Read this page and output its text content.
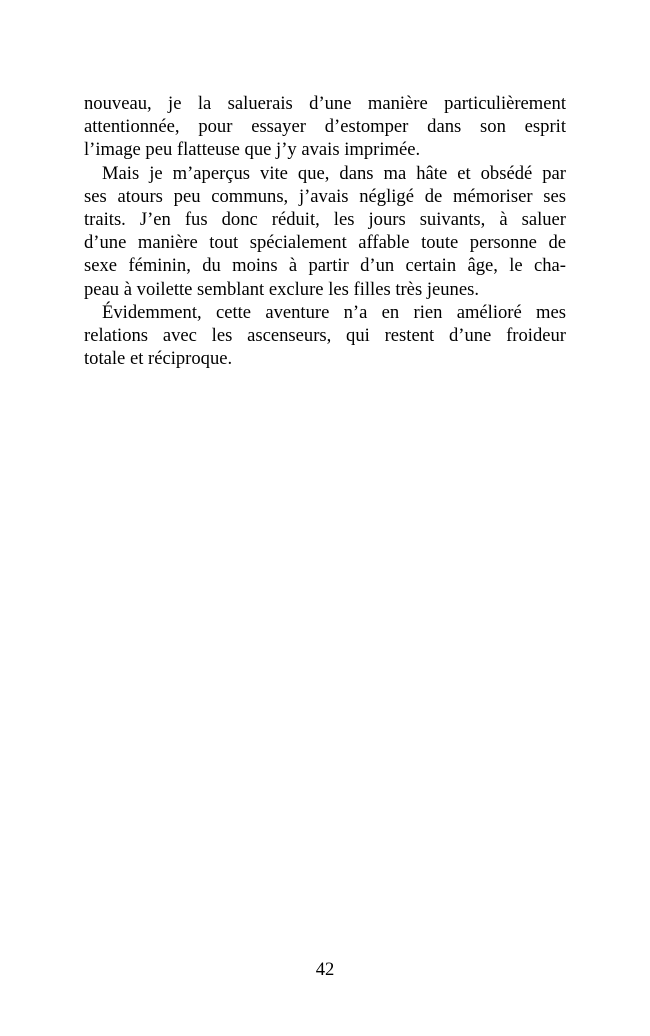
nouveau, je la saluerais d’une manière particulièrement
attentionnée, pour essayer d’estomper dans son esprit
l’image peu flatteuse que j’y avais imprimée.
Mais je m’aperçus vite que, dans ma hâte et obsédé par
ses atours peu communs, j’avais négligé de mémoriser ses
traits. J’en fus donc réduit, les jours suivants, à saluer
d’une manière tout spécialement affable toute personne de
sexe féminin, du moins à partir d’un certain âge, le cha-
peau à voilette semblant exclure les filles très jeunes.
Évidemment, cette aventure n’a en rien amélioré mes
relations avec les ascenseurs, qui restent d’une froideur
totale et réciproque.
42
